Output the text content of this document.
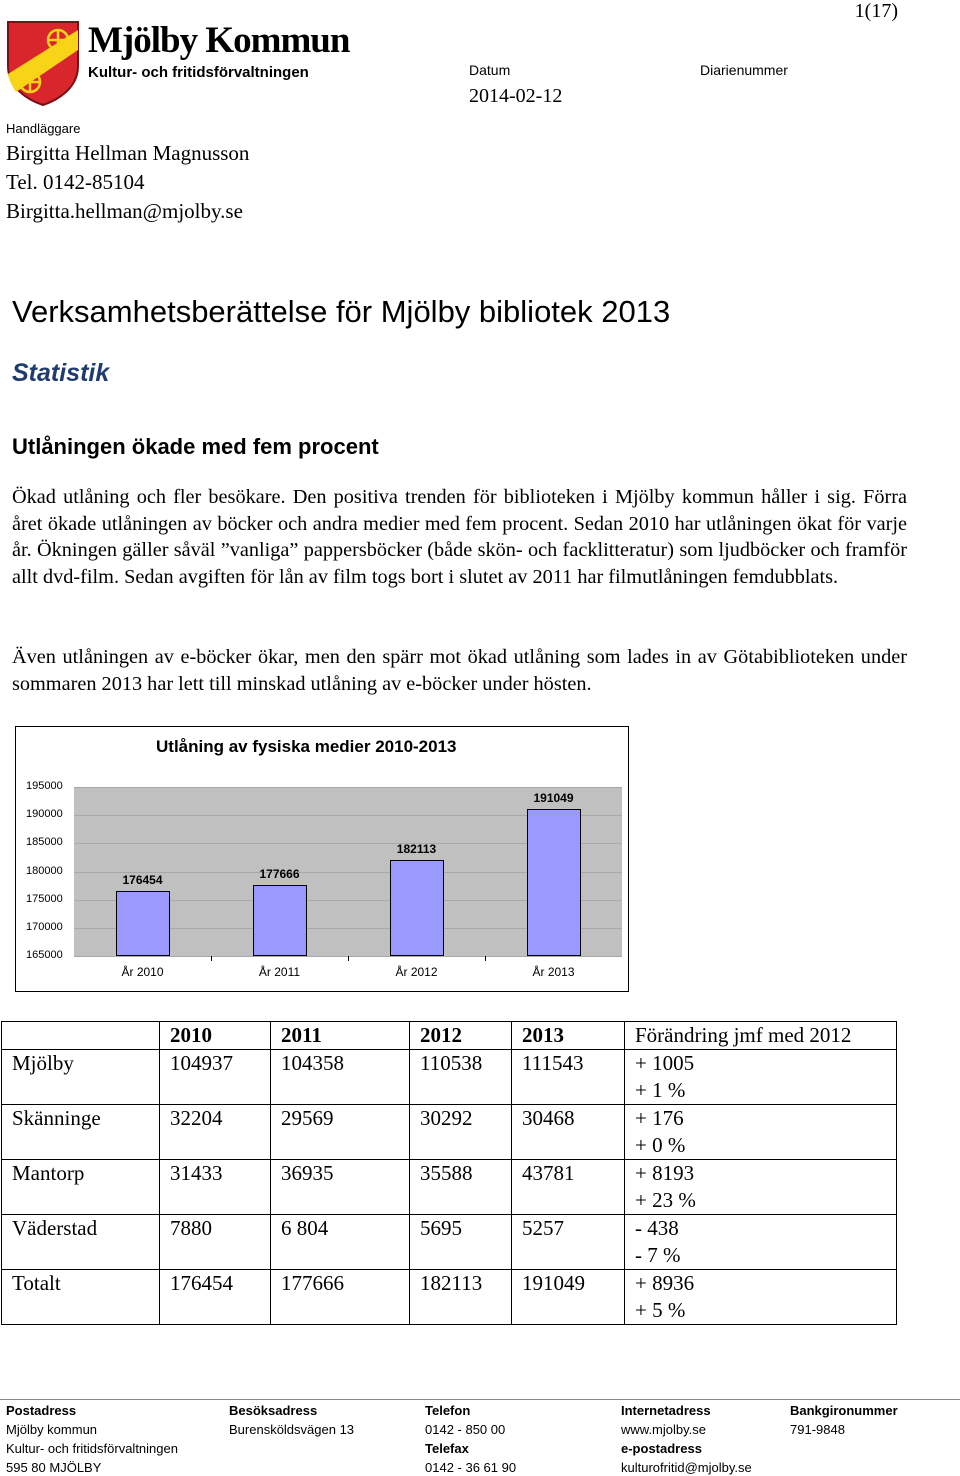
Mjölby Kommun
Kultur- och fritidsförvaltningen
1(17)
Datum
2014-02-12
Diarienummer
Handläggare
Birgitta Hellman Magnusson
Tel. 0142-85104
Birgitta.hellman@mjolby.se
Verksamhetsberättelse för Mjölby bibliotek 2013
Statistik
Utlåningen ökade med fem procent

Ökad utlåning och fler besökare. Den positiva trenden för biblioteken i Mjölby kommun håller i sig. Förra året ökade utlåningen av böcker och andra medier med fem procent. Sedan 2010 har utlåningen ökat för varje år. Ökningen gäller såväl ”vanliga” pappersböcker (både skön- och facklitteratur) som ljudböcker och framför allt dvd-film. Sedan avgiften för lån av film togs bort i slutet av 2011 har filmutlåningen femdubblats.

Även utlåningen av e-böcker ökar, men den spärr mot ökad utlåning som lades in av Götabiblioteken under sommaren 2013 har lett till minskad utlåning av e-böcker under hösten.

Utlåning av fysiska medier 2010-2013
195000
190000
185000
180000
175000
170000
165000
176454
År 2010
177666
År 2011
182113
År 2012
191049
År 2013
	2010	2011	2012	2013	Förändring jmf med 2012
Mjölby	104937	104358	110538	111543	+ 1005
+ 1 %

Skänninge	32204	29569	30292	30468	+ 176
+ 0 %

Mantorp	31433	36935	35588	43781	+ 8193
+ 23 %

Väderstad	7880	6 804	5695	5257	- 438
- 7 %

Totalt	176454	177666	182113	191049	+ 8936
+ 5 %
Postadress
Mjölby kommun
Kultur- och fritidsförvaltningen
595 80 MJÖLBY
Besöksadress
Burensköldsvägen 13
Telefon
0142 - 850 00
Telefax
0142 - 36 61 90
Internetadress
www.mjolby.se
e-postadress
kulturofritid@mjolby.se
Bankgironummer
791-9848
